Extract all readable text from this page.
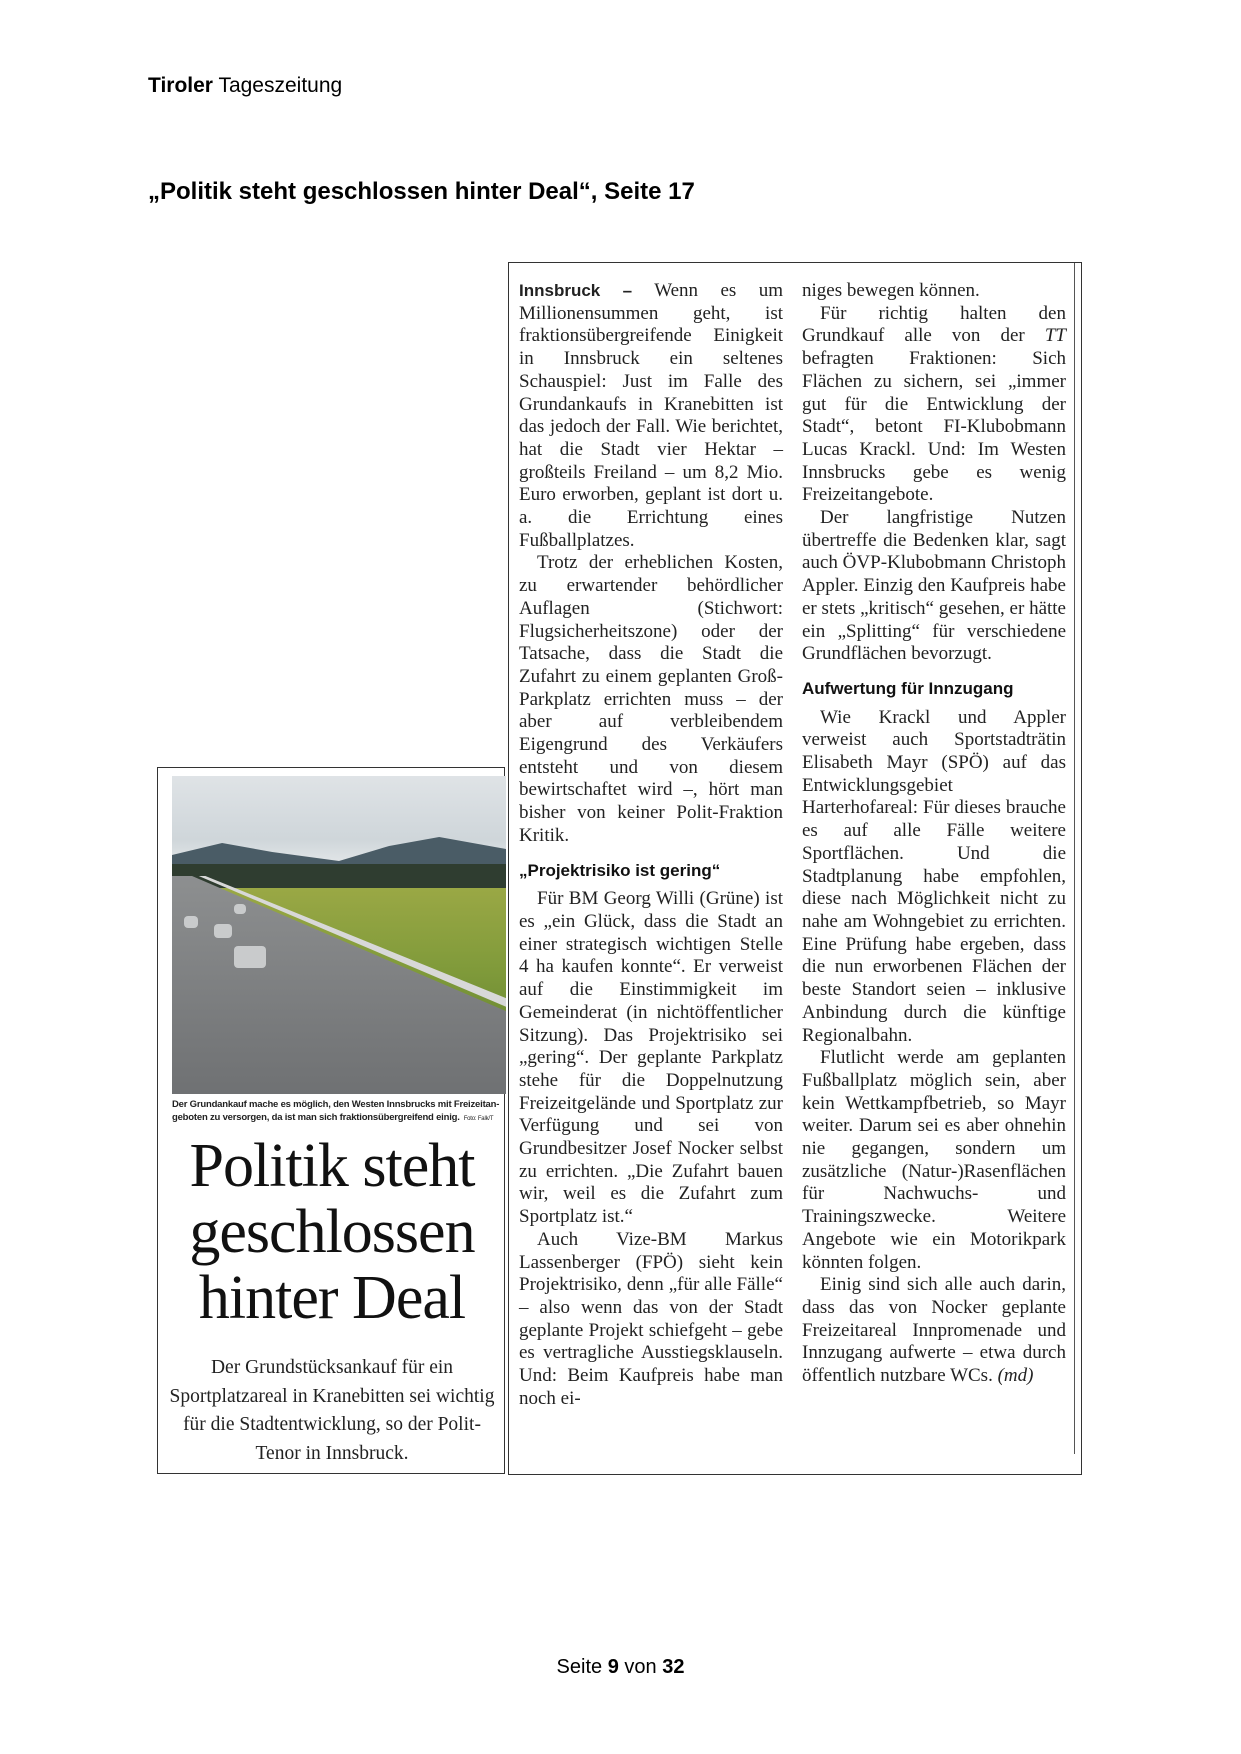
Tiroler Tageszeitung
„Politik steht geschlossen hinter Deal“, Seite 17
Der Grundankauf mache es möglich, den Westen Innsbrucks mit Freizeitan-
geboten zu versorgen, da ist man sich fraktionsübergreifend einig. Foto: Falk/T
Politik steht
geschlossen
hinter Deal
Der Grundstücksankauf für ein Sportplatzareal in Kranebitten sei wichtig für die Stadtentwicklung, so der Polit-Tenor in Innsbruck.

Innsbruck – Wenn es um Millionensummen geht, ist fraktionsübergreifende Einigkeit in Innsbruck ein seltenes Schauspiel: Just im Falle des Grundankaufs in Kranebitten ist das jedoch der Fall. Wie berichtet, hat die Stadt vier Hektar – großteils Freiland – um 8,2 Mio. Euro erworben, geplant ist dort u. a. die Errichtung eines Fußballplatzes.

Trotz der erheblichen Kosten, zu erwartender behördlicher Auflagen (Stichwort: Flugsicherheitszone) oder der Tatsache, dass die Stadt die Zufahrt zu einem geplanten Groß-Parkplatz errichten muss – der aber auf verbleibendem Eigengrund des Verkäufers entsteht und von diesem bewirtschaftet wird –, hört man bisher von keiner Polit-Fraktion Kritik.

„Projektrisiko ist gering“

Für BM Georg Willi (Grüne) ist es „ein Glück, dass die Stadt an einer strategisch wichtigen Stelle 4 ha kaufen konnte“. Er verweist auf die Einstimmigkeit im Gemeinderat (in nichtöffentlicher Sitzung). Das Projektrisiko sei „gering“. Der geplante Parkplatz stehe für die Doppelnutzung Freizeitgelände und Sportplatz zur Verfügung und sei von Grundbesitzer Josef Nocker selbst zu errichten. „Die Zufahrt bauen wir, weil es die Zufahrt zum Sportplatz ist.“

Auch Vize-BM Markus Lassenberger (FPÖ) sieht kein Projektrisiko, denn „für alle Fälle“ – also wenn das von der Stadt geplante Projekt schiefgeht – gebe es vertragliche Ausstiegsklauseln. Und: Beim Kaufpreis habe man noch ei-

niges bewegen können.

Für richtig halten den Grundkauf alle von der TT befragten Fraktionen: Sich Flächen zu sichern, sei „immer gut für die Entwicklung der Stadt“, betont FI-Klubobmann Lucas Krackl. Und: Im Westen Innsbrucks gebe es wenig Freizeitangebote.

Der langfristige Nutzen übertreffe die Bedenken klar, sagt auch ÖVP-Klubobmann Christoph Appler. Einzig den Kaufpreis habe er stets „kritisch“ gesehen, er hätte ein „Splitting“ für verschiedene Grundflächen bevorzugt.

Aufwertung für Innzugang

Wie Krackl und Appler verweist auch Sportstadträtin Elisabeth Mayr (SPÖ) auf das Entwicklungsgebiet Harterhofareal: Für dieses brauche es auf alle Fälle weitere Sportflächen. Und die Stadtplanung habe empfohlen, diese nach Möglichkeit nicht zu nahe am Wohngebiet zu errichten. Eine Prüfung habe ergeben, dass die nun erworbenen Flächen der beste Standort seien – inklusive Anbindung durch die künftige Regionalbahn.

Flutlicht werde am geplanten Fußballplatz möglich sein, aber kein Wettkampfbetrieb, so Mayr weiter. Darum sei es aber ohnehin nie gegangen, sondern um zusätzliche (Natur-)Rasenflächen für Nachwuchs- und Trainingszwecke. Weitere Angebote wie ein Motorikpark könnten folgen.

Einig sind sich alle auch darin, dass das von Nocker geplante Freizeitareal Innpromenade und Innzugang aufwerte – etwa durch öffentlich nutzbare WCs. (md)

Seite 9 von 32
